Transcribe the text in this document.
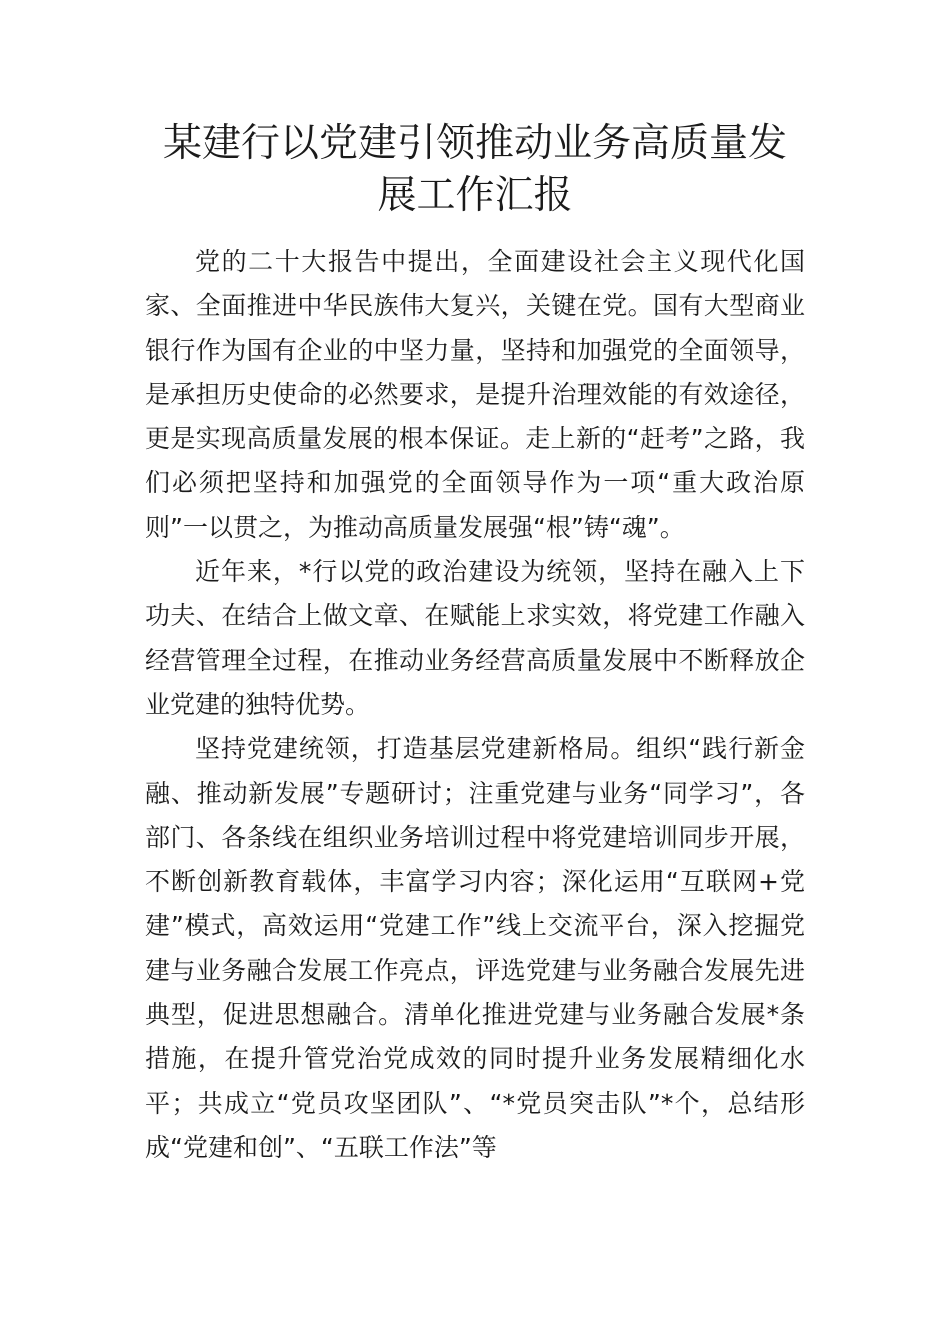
某建行以党建引领推动业务高质量发展工作汇报

党的二十大报告中提出，全面建设社会主义现代化国家、全面推进中华民族伟大复兴，关键在党。国有大型商业银行作为国有企业的中坚力量，坚持和加强党的全面领导，是承担历史使命的必然要求，是提升治理效能的有效途径，更是实现高质量发展的根本保证。走上新的“赶考”之路，我们必须把坚持和加强党的全面领导作为一项“重大政治原则”一以贯之，为推动高质量发展强“根”铸“魂”。

近年来，*行以党的政治建设为统领，坚持在融入上下功夫、在结合上做文章、在赋能上求实效，将党建工作融入经营管理全过程，在推动业务经营高质量发展中不断释放企业党建的独特优势。

坚持党建统领，打造基层党建新格局。组织“践行新金融、推动新发展”专题研讨；注重党建与业务“同学习”，各部门、各条线在组织业务培训过程中将党建培训同步开展，不断创新教育载体，丰富学习内容；深化运用“互联网+党建”模式，高效运用“党建工作”线上交流平台，深入挖掘党建与业务融合发展工作亮点，评选党建与业务融合发展先进典型，促进思想融合。清单化推进党建与业务融合发展*条措施，在提升管党治党成效的同时提升业务发展精细化水平；共成立“党员攻坚团队”、“*党员突击队”*个，总结形成“党建和创”、“五联工作法”等
